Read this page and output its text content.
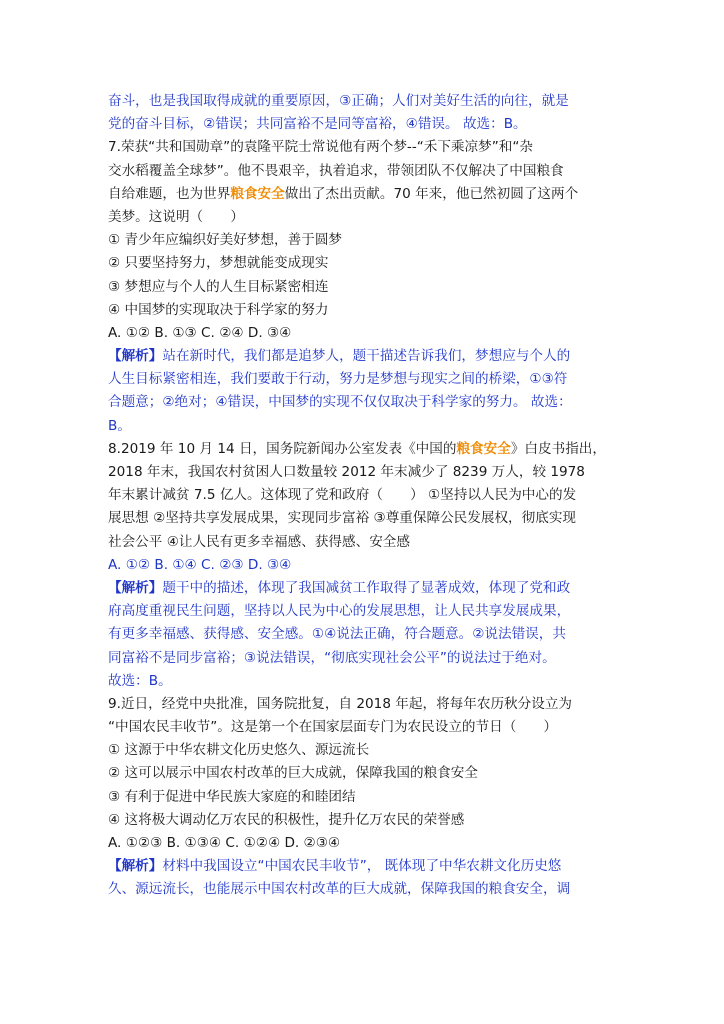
奋斗，也是我国取得成就的重要原因，③正确；人们对美好生活的向往，就是
党的奋斗目标，②错误；共同富裕不是同等富裕，④错误。 故选：B。
7.荣获“共和国勋章”的袁隆平院士常说他有两个梦--“禾下乘凉梦”和“杂
交水稻覆盖全球梦”。他不畏艰辛，执着追求，带领团队不仅解决了中国粮食
自给难题，也为世界粮食安全做出了杰出贡献。70 年来，他已然初圆了这两个
美梦。这说明（　　）
① 青少年应编织好美好梦想，善于圆梦
② 只要坚持努力，梦想就能变成现实
③ 梦想应与个人的人生目标紧密相连
④ 中国梦的实现取决于科学家的努力
A. ①② B. ①③ C. ②④ D. ③④
【解析】站在新时代，我们都是追梦人，题干描述告诉我们，梦想应与个人的
人生目标紧密相连，我们要敢于行动，努力是梦想与现实之间的桥梁，①③符
合题意；②绝对；④错误，中国梦的实现不仅仅取决于科学家的努力。 故选：
B。
8.2019 年 10 月 14 日，国务院新闻办公室发表《中国的粮食安全》白皮书指出，
2018 年末，我国农村贫困人口数量较 2012 年末减少了 8239 万人，较 1978
年末累计减贫 7.5 亿人。这体现了党和政府（　　） ①坚持以人民为中心的发
展思想 ②坚持共享发展成果，实现同步富裕 ③尊重保障公民发展权，彻底实现
社会公平 ④让人民有更多幸福感、获得感、安全感
A. ①② B. ①④ C. ②③ D. ③④
【解析】题干中的描述，体现了我国减贫工作取得了显著成效，体现了党和政
府高度重视民生问题，坚持以人民为中心的发展思想，让人民共享发展成果，
有更多幸福感、获得感、安全感。①④说法正确，符合题意。②说法错误，共
同富裕不是同步富裕；③说法错误，“彻底实现社会公平”的说法过于绝对。
故选：B。
9.近日，经党中央批准，国务院批复，自 2018 年起，将每年农历秋分设立为
“中国农民丰收节”。这是第一个在国家层面专门为农民设立的节日（　　）
① 这源于中华农耕文化历史悠久、源远流长
② 这可以展示中国农村改革的巨大成就，保障我国的粮食安全
③ 有利于促进中华民族大家庭的和睦团结
④ 这将极大调动亿万农民的积极性，提升亿万农民的荣誉感
A. ①②③ B. ①③④ C. ①②④ D. ②③④
【解析】材料中我国设立“中国农民丰收节”， 既体现了中华农耕文化历史悠
久、源远流长，也能展示中国农村改革的巨大成就，保障我国的粮食安全，调
